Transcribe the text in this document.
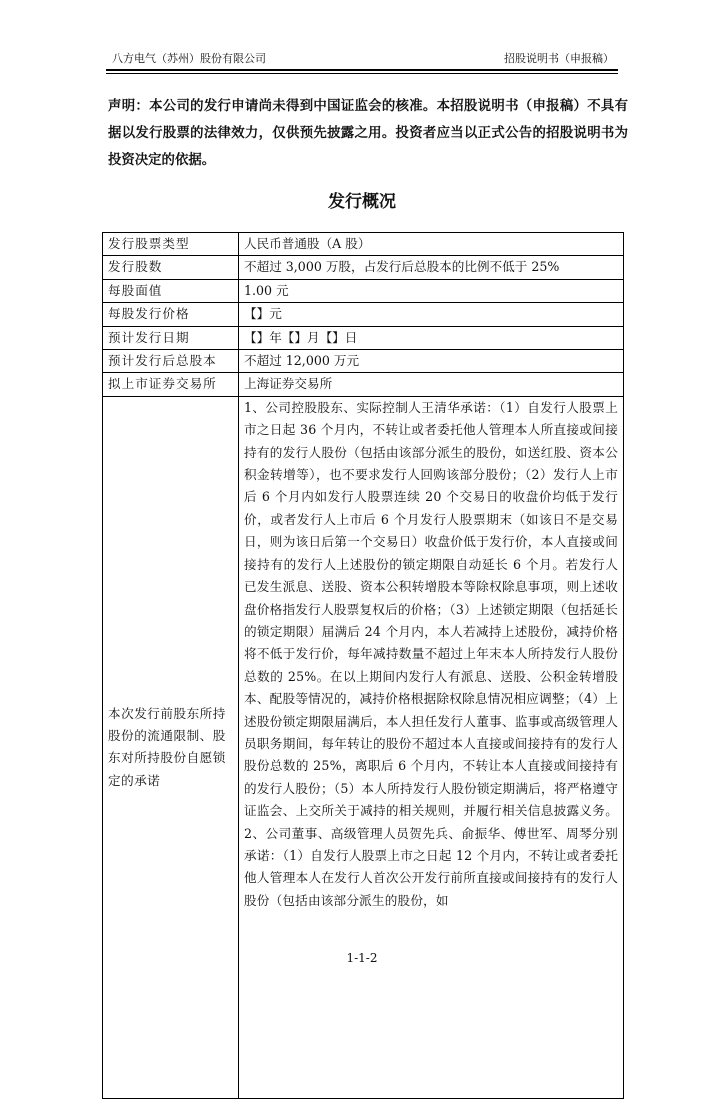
八方电气（苏州）股份有限公司	招股说明书（申报稿）
声明：本公司的发行申请尚未得到中国证监会的核准。本招股说明书（申报稿）不具有据以发行股票的法律效力，仅供预先披露之用。投资者应当以正式公告的招股说明书为投资决定的依据。
发行概况
发行股票类型	人民币普通股（A 股）
发行股数	不超过 3,000 万股，占发行后总股本的比例不低于 25%
每股面值	1.00 元
每股发行价格	【】元
预计发行日期	【】年【】月【】日
预计发行后总股本	不超过 12,000 万元
拟上市证券交易所	上海证券交易所
本次发行前股东所持股份的流通限制、股东对所持股份自愿锁定的承诺	1、公司控股股东、实际控制人王清华承诺：（1）自发行人股票上市之日起 36 个月内，不转让或者委托他人管理本人所直接或间接持有的发行人股份（包括由该部分派生的股份，如送红股、资本公积金转增等），也不要求发行人回购该部分股份；（2）发行人上市后 6 个月内如发行人股票连续 20 个交易日的收盘价均低于发行价，或者发行人上市后 6 个月发行人股票期末（如该日不是交易日，则为该日后第一个交易日）收盘价低于发行价，本人直接或间接持有的发行人上述股份的锁定期限自动延长 6 个月。若发行人已发生派息、送股、资本公积转增股本等除权除息事项，则上述收盘价格指发行人股票复权后的价格；（3）上述锁定期限（包括延长的锁定期限）届满后 24 个月内，本人若减持上述股份，减持价格将不低于发行价，每年减持数量不超过上年末本人所持发行人股份总数的 25%。在以上期间内发行人有派息、送股、公积金转增股本、配股等情况的，减持价格根据除权除息情况相应调整；（4）上述股份锁定期限届满后，本人担任发行人董事、监事或高级管理人员职务期间，每年转让的股份不超过本人直接或间接持有的发行人股份总数的 25%，离职后 6 个月内，不转让本人直接或间接持有的发行人股份；（5）本人所持发行人股份锁定期满后，将严格遵守证监会、上交所关于减持的相关规则，并履行相关信息披露义务。2、公司董事、高级管理人员贺先兵、俞振华、傅世军、周琴分别承诺：（1）自发行人股票上市之日起 12 个月内，不转让或者委托他人管理本人在发行人首次公开发行前所直接或间接持有的发行人股份（包括由该部分派生的股份，如
1-1-2
